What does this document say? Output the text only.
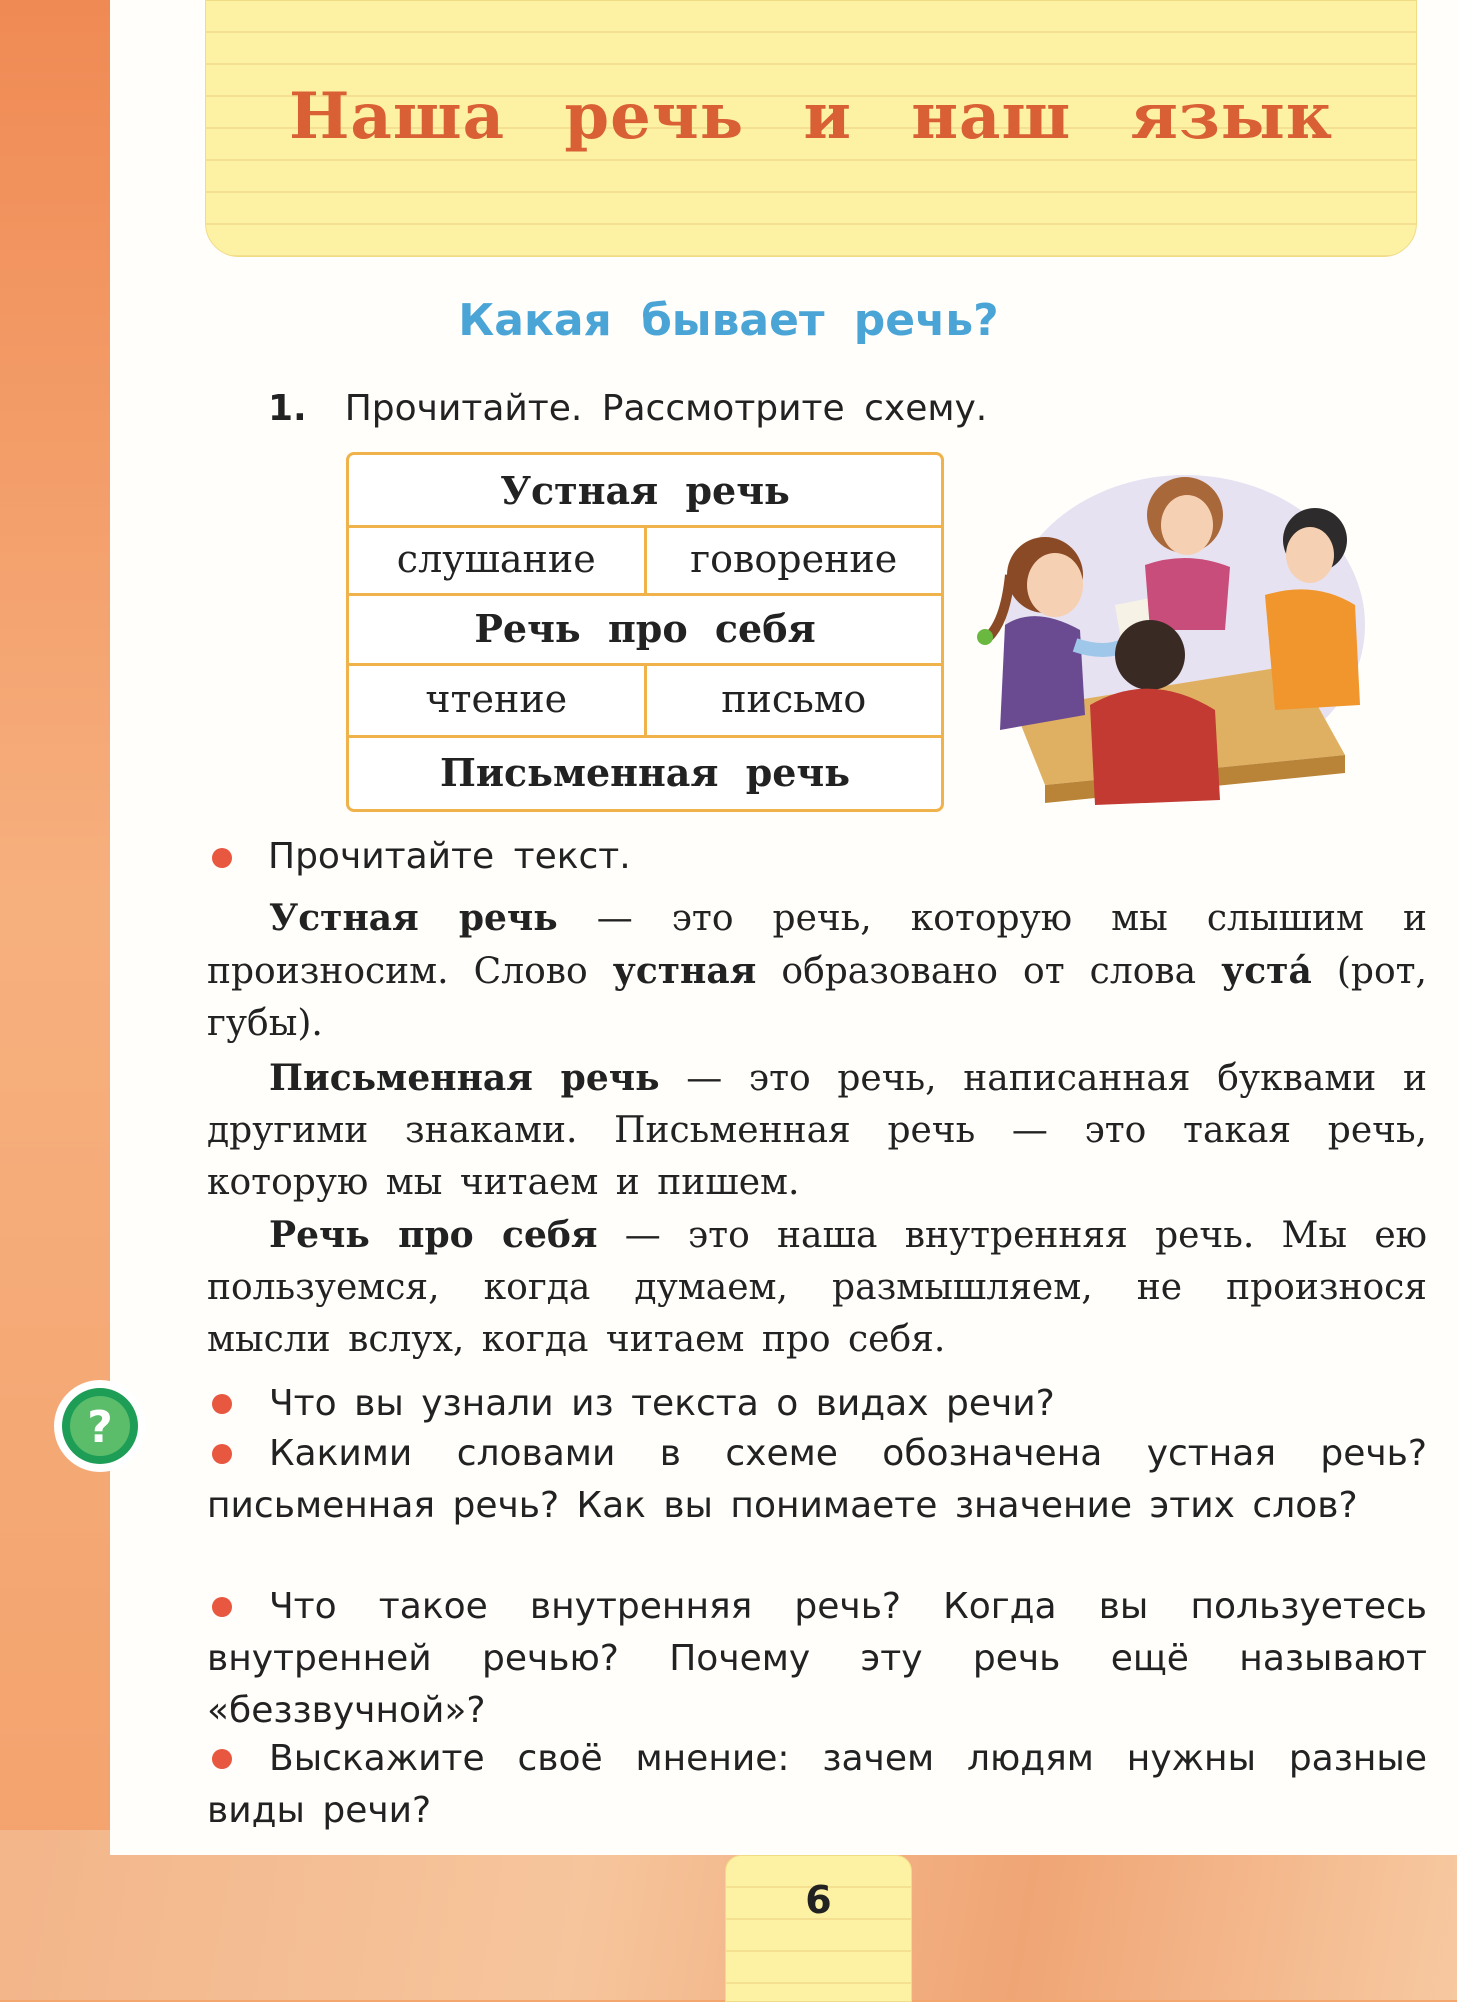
Наша речь и наш язык
Какая бывает речь?
1. Прочитайте. Рассмотрите схему.
Устная речь
слушание	говорение
Речь про себя
чтение	письмо
Письменная речь
Прочитайте текст.
Устная речь — это речь, которую мы слышим и произносим. Слово устная образовано от слова уста́ (рот, губы).
Письменная речь — это речь, написанная буквами и другими знаками. Письменная речь — это такая речь, которую мы читаем и пишем.
Речь про себя — это наша внутренняя речь. Мы ею пользуемся, когда думаем, размышляем, не произнося мысли вслух, когда читаем про себя.
?	Что вы узнали из текста о видах речи?
Какими словами в схеме обозначена устная речь? письменная речь? Как вы понимаете значение этих слов?
Что такое внутренняя речь? Когда вы пользуетесь внутренней речью? Почему эту речь ещё называют «беззвучной»?
Выскажите своё мнение: зачем людям нужны разные виды речи?
6
